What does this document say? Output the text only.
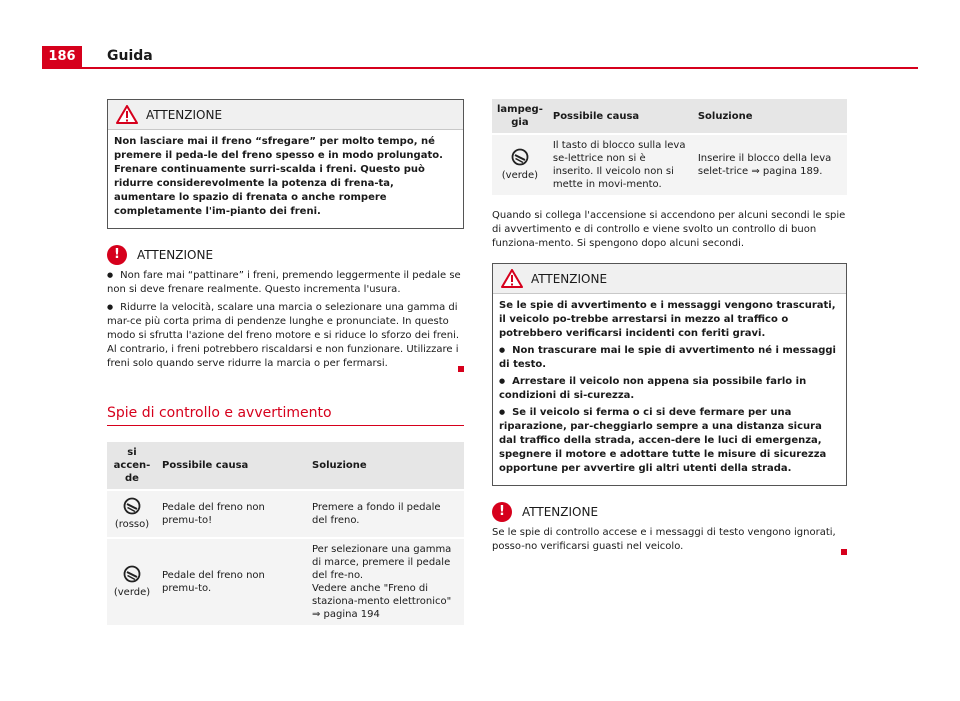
186	Guida
ATTENZIONE

Non lasciare mai il freno “sfregare” per molto tempo, né premere il peda-le del freno spesso e in modo prolungato. Frenare continuamente surri-scalda i freni. Questo può ridurre considerevolmente la potenza di frena-ta, aumentare lo spazio di frenata o anche rompere completamente l'im-pianto dei freni.

!	ATTENZIONE

● Non fare mai “pattinare” i freni, premendo leggermente il pedale se non si deve frenare realmente. Questo incrementa l'usura.

● Ridurre la velocità, scalare una marcia o selezionare una gamma di mar-ce più corta prima di pendenze lunghe e pronunciate. In questo modo si sfrutta l'azione del freno motore e si riduce lo sforzo dei freni. Al contrario, i freni potrebbero riscaldarsi e non funzionare. Utilizzare i freni solo quando serve ridurre la marcia o per fermarsi.

Spie di controllo e avvertimento
si accen-de	Possibile causa	Soluzione

(rosso)	Pedale del freno non premu-to!	Premere a fondo il pedale del freno.

(verde)	Pedale del freno non premu-to.	Per selezionare una gamma di marce, premere il pedale del fre-no.
Vedere anche "Freno di staziona-mento elettronico"
⇒ pagina 194
lampeg-gia	Possibile causa	Soluzione

(verde)	Il tasto di blocco sulla leva se-lettrice non si è inserito. Il veicolo non si mette in movi-mento.	Inserire il blocco della leva selet-trice ⇒ pagina 189.

Quando si collega l'accensione si accendono per alcuni secondi le spie di avvertimento e di controllo e viene svolto un controllo di buon funziona-mento. Si spengono dopo alcuni secondi.

ATTENZIONE

Se le spie di avvertimento e i messaggi vengono trascurati, il veicolo po-trebbe arrestarsi in mezzo al traffico o potrebbero verificarsi incidenti con feriti gravi.

● Non trascurare mai le spie di avvertimento né i messaggi di testo.

● Arrestare il veicolo non appena sia possibile farlo in condizioni di si-curezza.

● Se il veicolo si ferma o ci si deve fermare per una riparazione, par-cheggiarlo sempre a una distanza sicura dal traffico della strada, accen-dere le luci di emergenza, spegnere il motore e adottare tutte le misure di sicurezza opportune per avvertire gli altri utenti della strada.

!	ATTENZIONE

Se le spie di controllo accese e i messaggi di testo vengono ignorati, posso-no verificarsi guasti nel veicolo.
